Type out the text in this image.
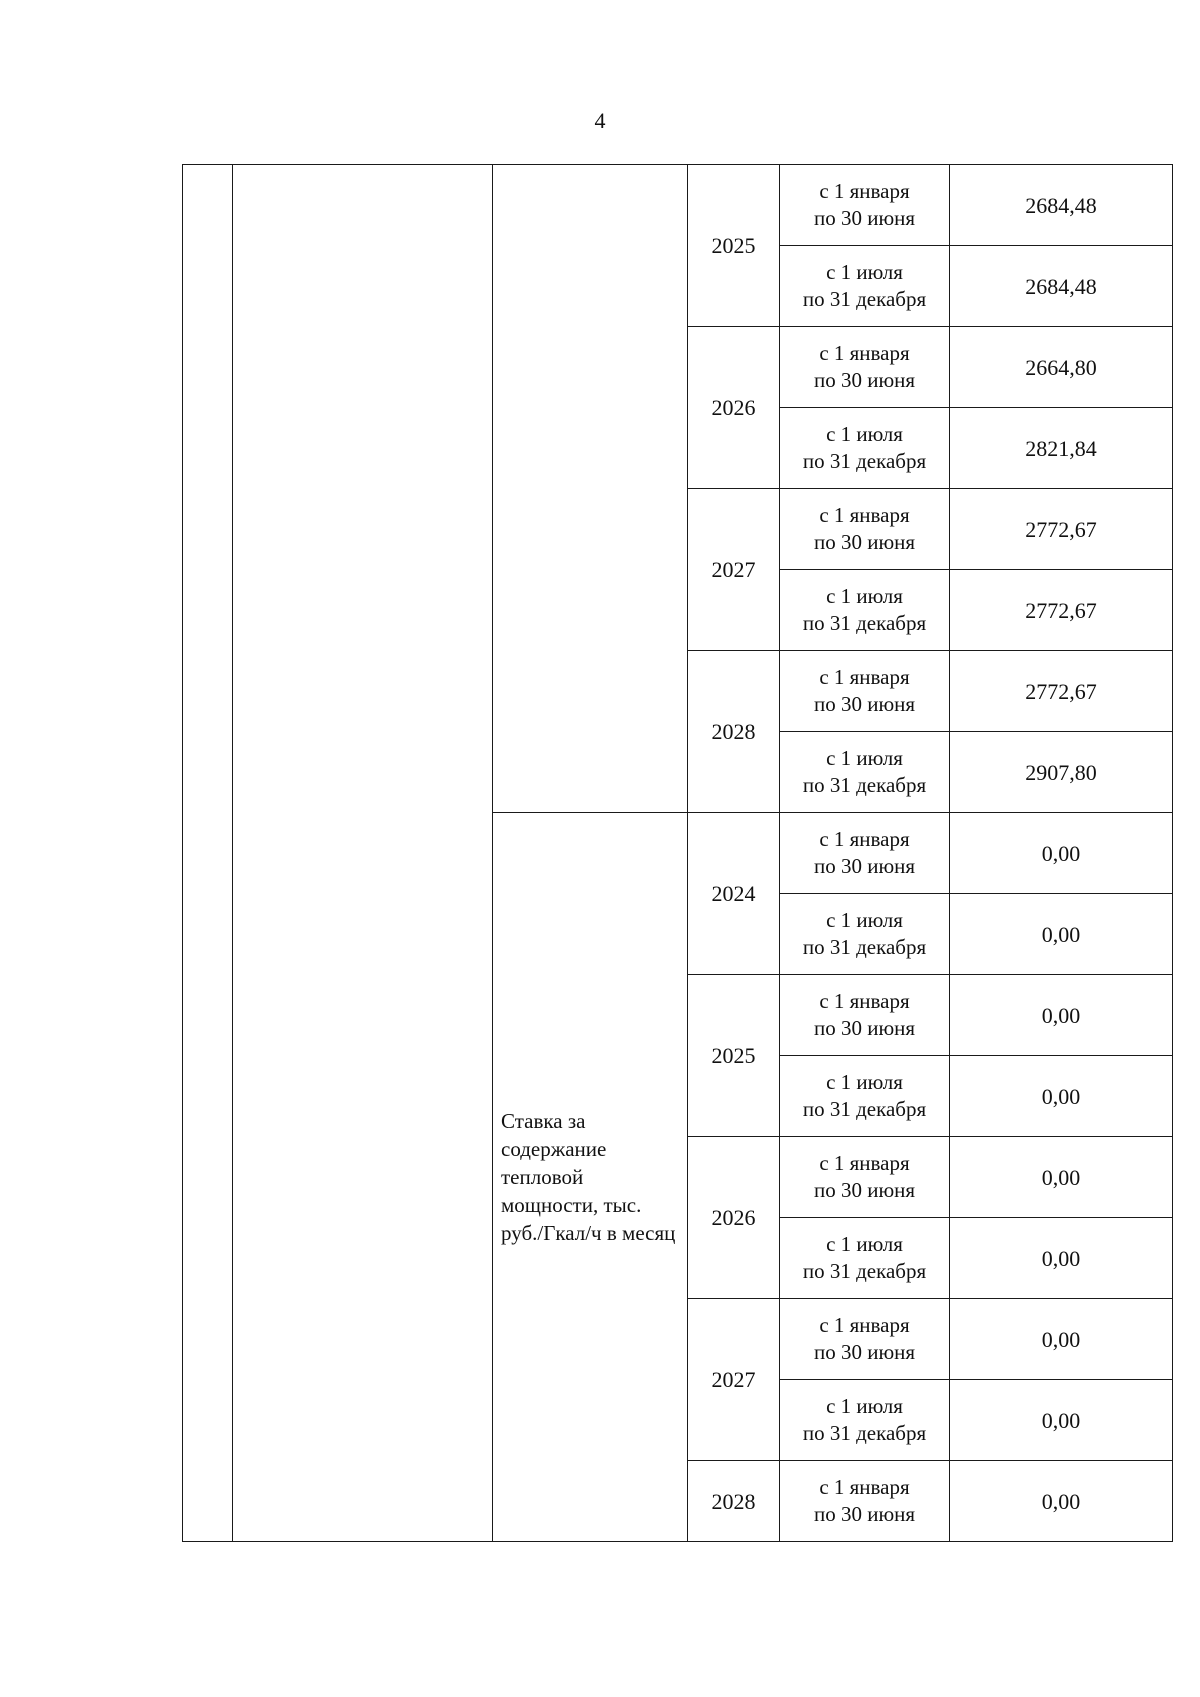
4
			2025	с 1 января
по 30 июня	2684,48

				с 1 июля
по 31 декабря	2684,48
			2026	с 1 января
по 30 июня	2664,80

				с 1 июля
по 31 декабря	2821,84
			2027	с 1 января
по 30 июня	2772,67

				с 1 июля
по 31 декабря	2772,67
			2028	с 1 января
по 30 июня	2772,67

				с 1 июля
по 31 декабря	2907,80
		Ставка за содержание тепловой мощности, тыс. руб./Гкал/ч в месяц	2024	с 1 января
по 30 июня	0,00

				с 1 июля
по 31 декабря	0,00
			2025	с 1 января
по 30 июня	0,00

				с 1 июля
по 31 декабря	0,00
			2026	с 1 января
по 30 июня	0,00

				с 1 июля
по 31 декабря	0,00
			2027	с 1 января
по 30 июня	0,00

				с 1 июля
по 31 декабря	0,00
			2028	с 1 января
по 30 июня	0,00
